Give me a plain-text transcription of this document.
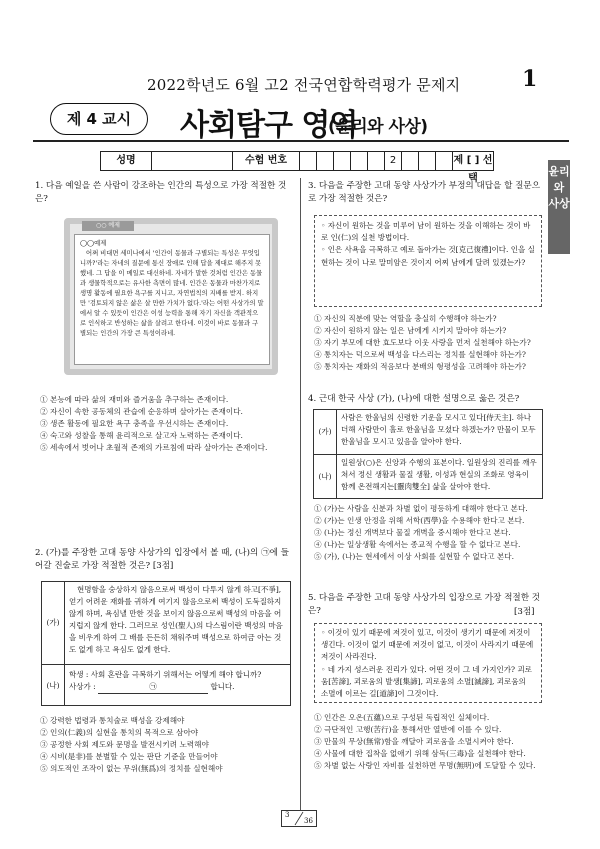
2022학년도 6월 고2 전국연합학력평가 문제지	1
제 4 교시	사회탐구 영역
(윤리와 사상)
성명	수험 번호	2	제 [ ] 선택
윤리와 사상
1. 다음 예일을 쓴 사람이 강조하는 인간의 특성으로 가장 적절한 것은?
○○ 예제

◯◯예제

어쩌 비대면 세미나에서 '인간이 동물과 구별되는 특성은 무엇입니까?'라는 자네의 질문에 통신 장애로 인해 답을 제대로 해주지 못했네. 그 답을 이 메일로 대신하네. 자네가 말한 것처럼 인간은 동물과 생물학적으로는 유사한 측면이 많네. 인간은 동물과 마찬가지로 생명 활동에 필요한 욕구를 지니고, 자연법칙의 지배를 받지. 하지만 '검토되지 않은 삶은 살 만한 가치가 없다.'라는 어떤 사상가의 말에서 알 수 있듯이 인간은 이성 능력을 통해 자기 자신을 객관적으로 인식하고 반성하는 삶을 살려고 한다네. 이것이 바로 동물과 구별되는 인간의 가장 큰 특성이라네.

① 본능에 따라 삶의 재미와 즐거움을 추구하는 존재이다.

② 자신이 속한 공동체의 관습에 순응하며 살아가는 존재이다.

③ 생존 활동에 필요한 욕구 충족을 우선시하는 존재이다.

④ 숙고와 성찰을 통해 윤리적으로 살고자 노력하는 존재이다.

⑤ 세속에서 벗어나 초월적 존재의 가르침에 따라 살아가는 존재이다.

2. (가)를 주장한 고대 동양 사상가의 입장에서 볼 때, (나)의 ㉠에 들어갈 진술로 가장 적절한 것은? [3점]
(가)
현명함을 숭상하지 않음으로써 백성이 다투지 않게 하고[不爭], 얻기 어려운 재화를 귀하게 여기지 않음으로써 백성이 도둑질하지 않게 하며, 욕심낼 만한 것을 보이지 않음으로써 백성의 마음을 어지럽지 않게 한다. 그러므로 성인(聖人)의 다스림이란 백성의 마음을 비우게 하여 그 배를 든든히 채워주며 백성으로 하여금 아는 것도 없게 하고 욕심도 없게 한다.
(나)

학생 : 사회 혼란을 극복하기 위해서는 어떻게 해야 합니까?

사상가 :	㉠	합니다.

① 강력한 법령과 통치술로 백성을 강제해야

② 인의(仁義)의 실현을 통치의 목적으로 삼아야

③ 공정한 사회 제도와 문명을 발전시키려 노력해야

④ 시비(是非)를 분별할 수 있는 판단 기준을 만들어야

⑤ 의도적인 조작이 없는 무위(無爲)의 정치를 실현해야

3. 다음을 주장한 고대 동양 사상가가 부정의 대답을 할 질문으로 가장 적절한 것은?

◦ 자신이 원하는 것을 미루어 남이 원하는 것을 이해하는 것이 바로 인(仁)의 실천 방법이다.

◦ 인은 사욕을 극복하고 예로 돌아가는 것[克己復禮]이다. 인을 실현하는 것이 나로 말미암은 것이지 어찌 남에게 달려 있겠는가?

① 자신의 직분에 맞는 역할을 충실히 수행해야 하는가?

② 자신이 원하지 않는 일은 남에게 시키지 말아야 하는가?

③ 자기 부모에 대한 효도보다 이웃 사랑을 먼저 실천해야 하는가?

④ 통치자는 덕으로써 백성을 다스리는 정치를 실현해야 하는가?

⑤ 통치자는 재화의 적음보다 분배의 형평성을 고려해야 하는가?

4. 근대 한국 사상 (가), (나)에 대한 설명으로 옳은 것은?
(가)
사람은 한울님의 신령한 기운을 모시고 있다[侍天主]. 하나 더해 사람만이 홀로 한울님을 모셨다 하겠는가? 만물이 모두 한울님을 모시고 있음을 알아야 한다.
(나)
일원상(○)은 신앙과 수행의 표본이다. 일원상의 진리를 깨우쳐서 정신 생활과 물질 생활, 이성과 현실의 조화로 영육이 함께 온전해지는[靈肉雙全] 삶을 살아야 한다.

① (가)는 사람을 신분과 차별 없이 평등하게 대해야 한다고 본다.

② (가)는 인생 안정을 위해 서학(西學)을 수용해야 한다고 본다.

③ (나)는 정신 개벽보다 물질 개벽을 중시해야 한다고 본다.

④ (나)는 일상생활 속에서는 종교적 수행을 할 수 없다고 본다.

⑤ (가), (나)는 현세에서 이상 사회를 실현할 수 없다고 본다.

5. 다음을 주장한 고대 동양 사상가의 입장으로 가장 적절한 것은?	[3점]

◦ 이것이 있기 때문에 저것이 있고, 이것이 생기기 때문에 저것이 생긴다. 이것이 없기 때문에 저것이 없고, 이것이 사라지기 때문에 저것이 사라진다.

◦ 네 가지 성스러운 진리가 있다. 어떤 것이 그 네 가지인가? 괴로움[苦諦], 괴로움의 발생[集諦], 괴로움의 소멸[滅諦], 괴로움의 소멸에 이르는 길[道諦]이 그것이다.

① 인간은 오온(五蘊)으로 구성된 독립적인 실체이다.

② 극단적인 고행(苦行)을 통해서만 열반에 이를 수 있다.

③ 만물의 무상(無常)함을 깨달아 괴로움을 소멸시켜야 한다.

④ 사물에 대한 집착을 없애기 위해 삼독(三毒)을 실천해야 한다.

⑤ 차별 없는 사랑인 자비를 실천하면 무명(無明)에 도달할 수 있다.

3
36
